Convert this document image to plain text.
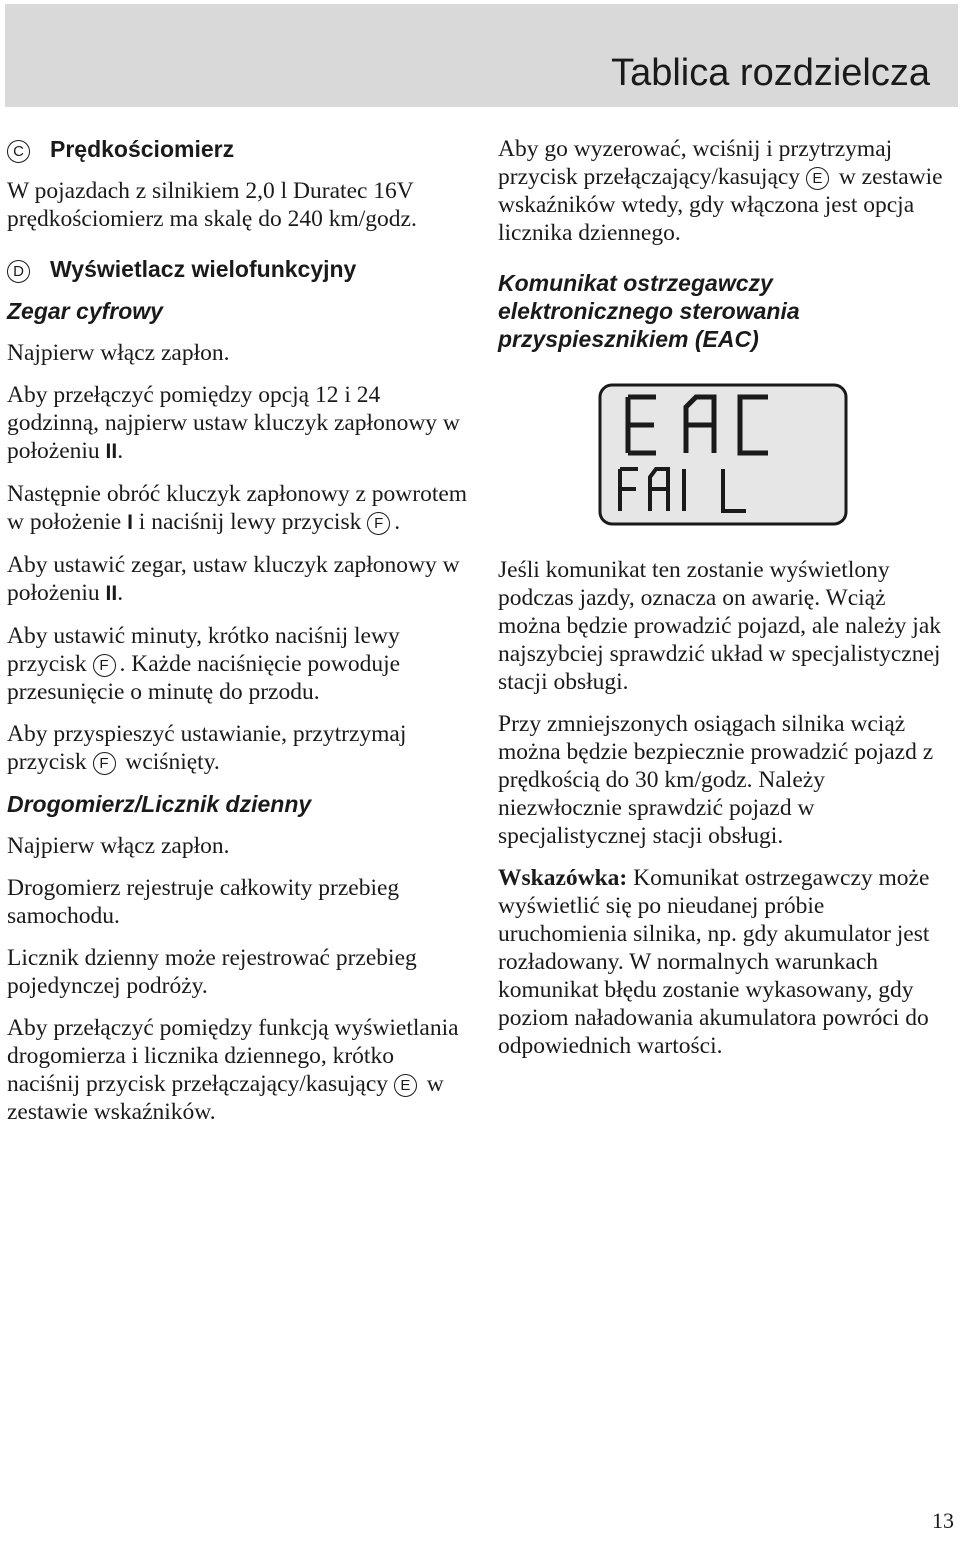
Tablica rozdzielcza
C Prędkościomierz

W pojazdach z silnikiem 2,0 l Duratec 16V prędkościomierz ma skalę do 240 km/godz.

D Wyświetlacz wielofunkcyjny
Zegar cyfrowy

Najpierw włącz zapłon.

Aby przełączyć pomiędzy opcją 12 i 24 godzinną, najpierw ustaw kluczyk zapłonowy w położeniu II.

Następnie obróć kluczyk zapłonowy z powrotem w położenie I i naciśnij lewy przycisk F .

Aby ustawić zegar, ustaw kluczyk zapłonowy w położeniu II.

Aby ustawić minuty, krótko naciśnij lewy przycisk F . Każde naciśnięcie powoduje przesunięcie o minutę do przodu.

Aby przyspieszyć ustawianie, przytrzymaj przycisk F wciśnięty.

Drogomierz/Licznik dzienny

Najpierw włącz zapłon.

Drogomierz rejestruje całkowity przebieg samochodu.

Licznik dzienny może rejestrować przebieg pojedynczej podróży.

Aby przełączyć pomiędzy funkcją wyświetlania drogomierza i licznika dziennego, krótko naciśnij przycisk przełączający/kasujący E w zestawie wskaźników.

Aby go wyzerować, wciśnij i przytrzymaj przycisk przełączający/kasujący E w zestawie wskaźników wtedy, gdy włączona jest opcja licznika dziennego.

Komunikat ostrzegawczy elektronicznego sterowania przyspiesznikiem (EAC)

Jeśli komunikat ten zostanie wyświetlony podczas jazdy, oznacza on awarię. Wciąż można będzie prowadzić pojazd, ale należy jak najszybciej sprawdzić układ w specjalistycznej stacji obsługi.

Przy zmniejszonych osiągach silnika wciąż można będzie bezpiecznie prowadzić pojazd z prędkością do 30 km/godz. Należy niezwłocznie sprawdzić pojazd w specjalistycznej stacji obsługi.

Wskazówka: Komunikat ostrzegawczy może wyświetlić się po nieudanej próbie uruchomienia silnika, np. gdy akumulator jest rozładowany. W normalnych warunkach komunikat błędu zostanie wykasowany, gdy poziom naładowania akumulatora powróci do odpowiednich wartości.

13
